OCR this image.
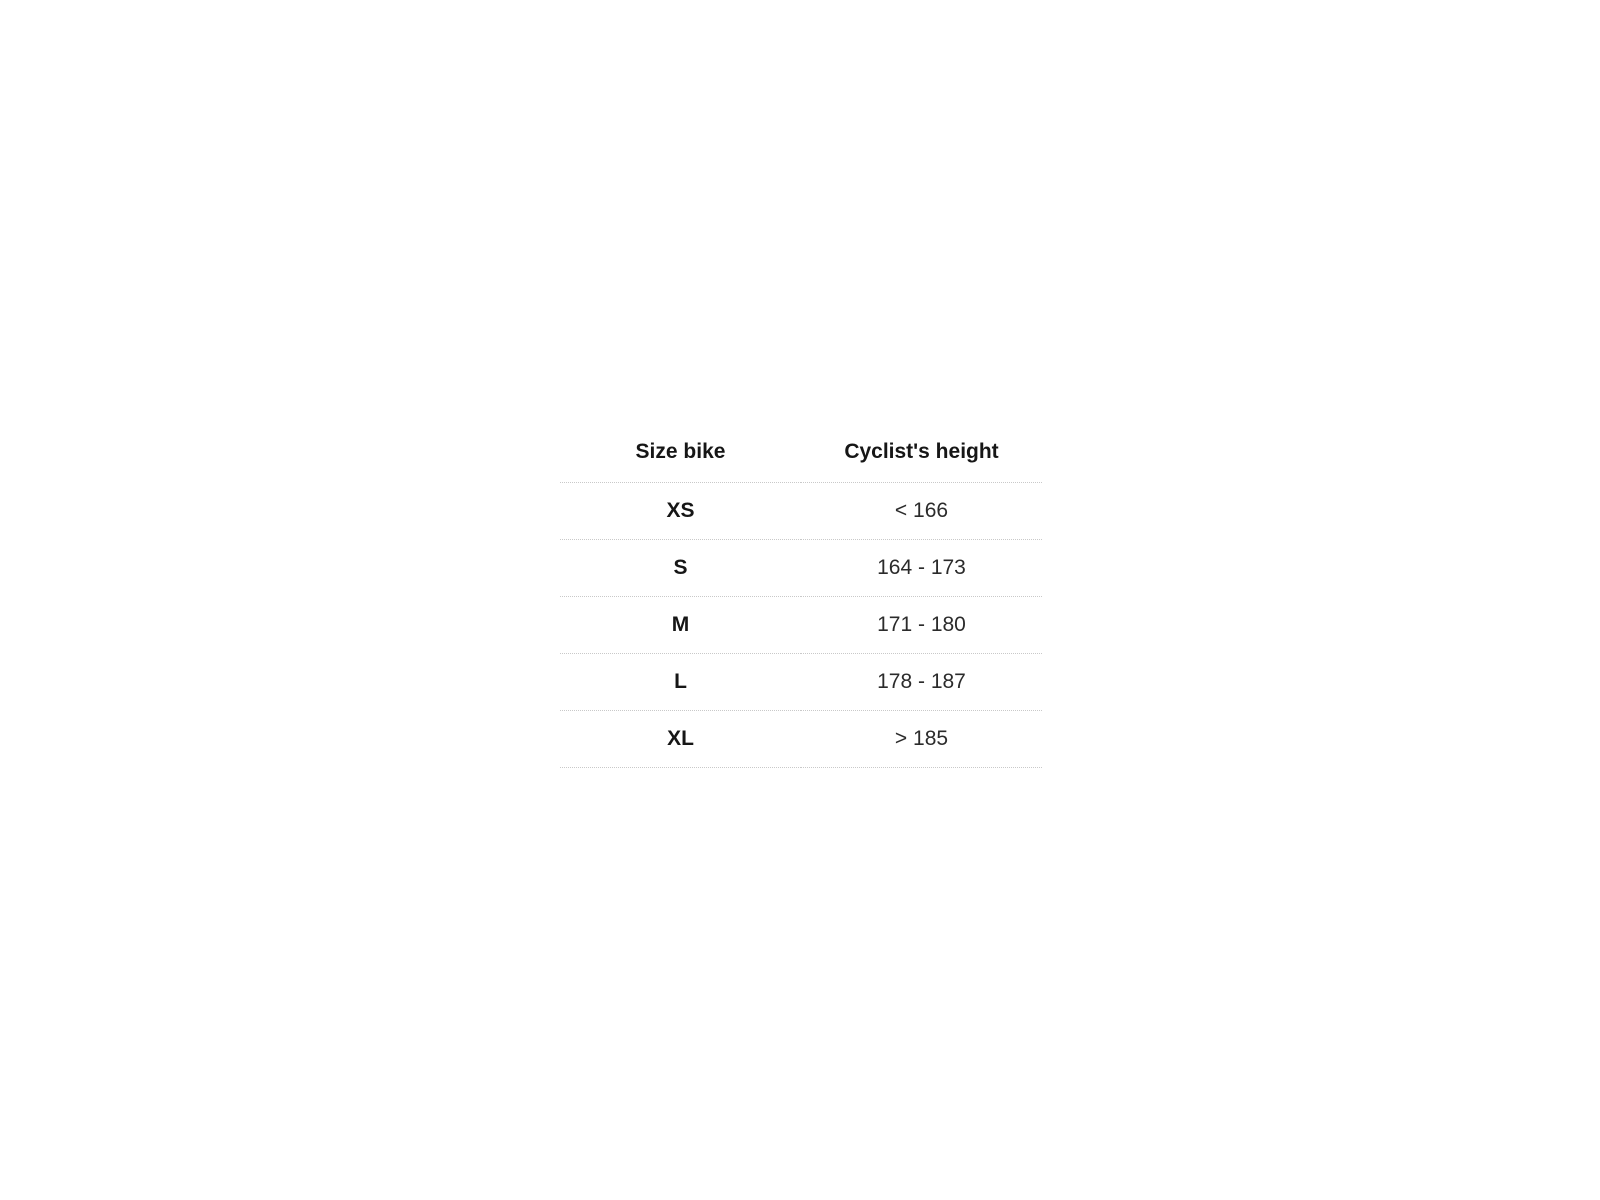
Size bike	Cyclist's height
XS	< 166
S	164 - 173
M	171 - 180
L	178 - 187
XL	> 185
